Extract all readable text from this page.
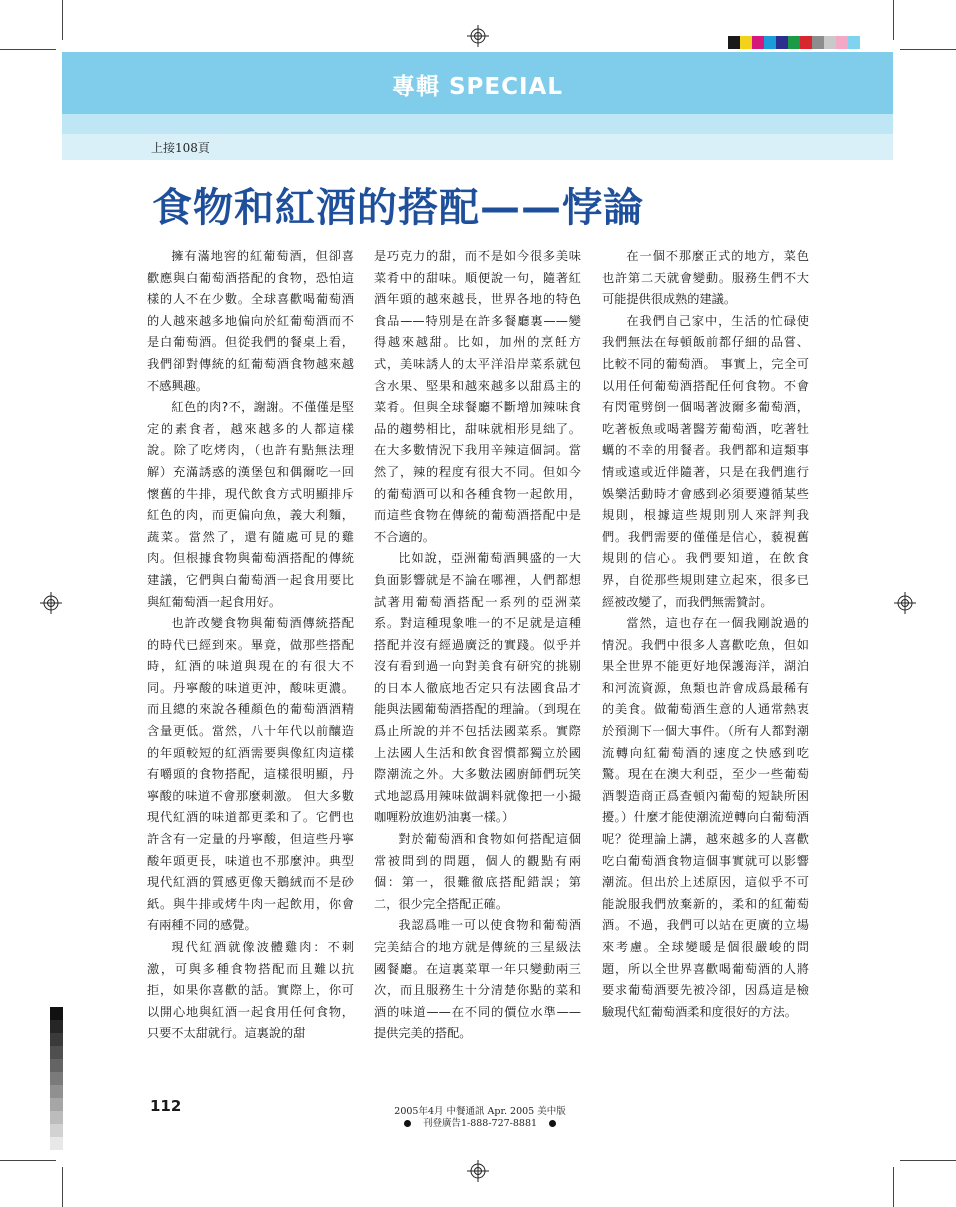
專輯 SPECIAL
上接108頁
食物和紅酒的搭配——悖論

擁有滿地窖的紅葡萄酒，但卻喜歡應與白葡萄酒搭配的食物，恐怕這樣的人不在少數。全球喜歡喝葡萄酒的人越來越多地偏向於紅葡萄酒而不是白葡萄酒。但從我們的餐桌上看，我們卻對傳統的紅葡萄酒食物越來越不感興趣。

紅色的肉?不，謝謝。不僅僅是堅定的素食者，越來越多的人都這樣說。除了吃烤肉，（也許有點無法理解）充滿誘惑的漢堡包和偶爾吃一回懷舊的牛排，現代飲食方式明顯排斥紅色的肉，而更偏向魚，義大利麵，蔬菜。當然了，還有隨處可見的雞肉。但根據食物與葡萄酒搭配的傳統建議，它們與白葡萄酒一起食用要比與紅葡萄酒一起食用好。

也許改變食物與葡萄酒傳統搭配的時代已經到來。畢竟，做那些搭配時，紅酒的味道與現在的有很大不同。丹寧酸的味道更沖，酸味更濃。而且總的來說各種顏色的葡萄酒酒精含量更低。當然，八十年代以前釀造的年頭較短的紅酒需要與像紅肉這樣有嚼頭的食物搭配，這樣很明顯，丹寧酸的味道不會那麼刺激。 但大多數現代紅酒的味道都更柔和了。它們也許含有一定量的丹寧酸，但這些丹寧酸年頭更長，味道也不那麼沖。典型現代紅酒的質感更像天鵝絨而不是砂紙。與牛排或烤牛肉一起飲用，你會有兩種不同的感覺。

現代紅酒就像波體雞肉：不刺激，可與多種食物搭配而且難以抗拒，如果你喜歡的話。實際上，你可以開心地與紅酒一起食用任何食物，只要不太甜就行。這裏說的甜

是巧克力的甜，而不是如今很多美味菜肴中的甜味。順便說一句，隨著紅酒年頭的越來越長，世界各地的特色食品——特別是在許多餐廳裏——變得越來越甜。比如，加州的烹飪方式，美味誘人的太平洋沿岸菜系就包含水果、堅果和越來越多以甜爲主的菜肴。但與全球餐廳不斷增加辣味食品的趨勢相比，甜味就相形見絀了。在大多數情況下我用辛辣這個詞。當然了，辣的程度有很大不同。但如今的葡萄酒可以和各種食物一起飲用，而這些食物在傳統的葡萄酒搭配中是不合適的。

比如說，亞洲葡萄酒興盛的一大負面影響就是不論在哪裡，人們都想試著用葡萄酒搭配一系列的亞洲菜系。對這種現象唯一的不足就是這種搭配并沒有經過廣泛的實踐。似乎并沒有看到過一向對美食有研究的挑剔的日本人徹底地否定只有法國食品才能與法國葡萄酒搭配的理論。（到現在爲止所說的并不包括法國菜系。實際上法國人生活和飲食習慣都獨立於國際潮流之外。大多數法國廚師們玩笑式地認爲用辣味做調料就像把一小撮咖喱粉放進奶油裏一樣。）

對於葡萄酒和食物如何搭配這個常被問到的問題，個人的觀點有兩個：第一，很難徹底搭配錯誤；第二，很少完全搭配正確。

我認爲唯一可以使食物和葡萄酒完美結合的地方就是傳統的三星級法國餐廳。在這裏菜單一年只變動兩三次，而且服務生十分清楚你點的菜和酒的味道——在不同的價位水準——提供完美的搭配。

在一個不那麼正式的地方，菜色也許第二天就會變動。服務生們不大可能提供很成熟的建議。

在我們自己家中，生活的忙碌使我們無法在每頓飯前都仔細的品嘗、比較不同的葡萄酒。 事實上，完全可以用任何葡萄酒搭配任何食物。不會有閃電劈倒一個喝著波爾多葡萄酒，吃著板魚或喝著醫芳葡萄酒，吃著牡蠣的不幸的用餐者。我們都和這類事情或遠或近伴隨著，只是在我們進行娛樂活動時才會感到必須要遵循某些規則，根據這些規則別人來評判我們。我們需要的僅僅是信心，藐視舊規則的信心。我們要知道，在飲食界，自從那些規則建立起來，很多已經被改變了，而我們無需贊討。

當然，這也存在一個我剛說過的情況。我們中很多人喜歡吃魚，但如果全世界不能更好地保護海洋，湖泊和河流資源，魚類也許會成爲最稀有的美食。做葡萄酒生意的人通常熱衷於預測下一個大事件。（所有人都對潮流轉向紅葡萄酒的速度之快感到吃驚。現在在澳大利亞，至少一些葡萄酒製造商正爲查頓內葡萄的短缺所困擾。）什麼才能使潮流逆轉向白葡萄酒呢？從理論上講，越來越多的人喜歡吃白葡萄酒食物這個事實就可以影響潮流。但出於上述原因，這似乎不可能說服我們放棄新的，柔和的紅葡萄酒。不過，我們可以站在更廣的立場來考慮。全球變暖是個很嚴峻的問題，所以全世界喜歡喝葡萄酒的人將要求葡萄酒要先被冷卻，因爲這是檢驗現代紅葡萄酒柔和度很好的方法。

112	2005年4月 中餐通訊 Apr. 2005 美中版
刊登廣告1-888-727-8881
